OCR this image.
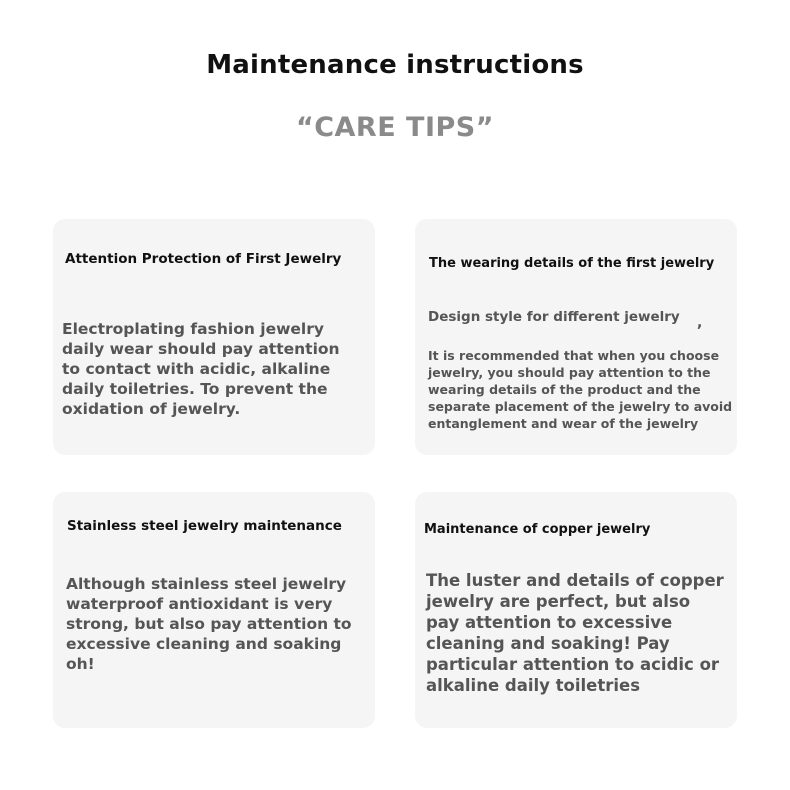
Maintenance instructions
“CARE TIPS”
Attention Protection of First Jewelry
Electroplating fashion jewelry daily wear should pay attention to contact with acidic, alkaline daily toiletries. To prevent the oxidation of jewelry.
The wearing details of the first jewelry
Design style for different jewelry ,
It is recommended that when you choose jewelry, you should pay attention to the wearing details of the product and the separate placement of the jewelry to avoid entanglement and wear of the jewelry
Stainless steel jewelry maintenance
Although stainless steel jewelry waterproof antioxidant is very strong, but also pay attention to excessive cleaning and soaking oh!
Maintenance of copper jewelry
The luster and details of copper jewelry are perfect, but also pay attention to excessive cleaning and soaking! Pay particular attention to acidic or alkaline daily toiletries
